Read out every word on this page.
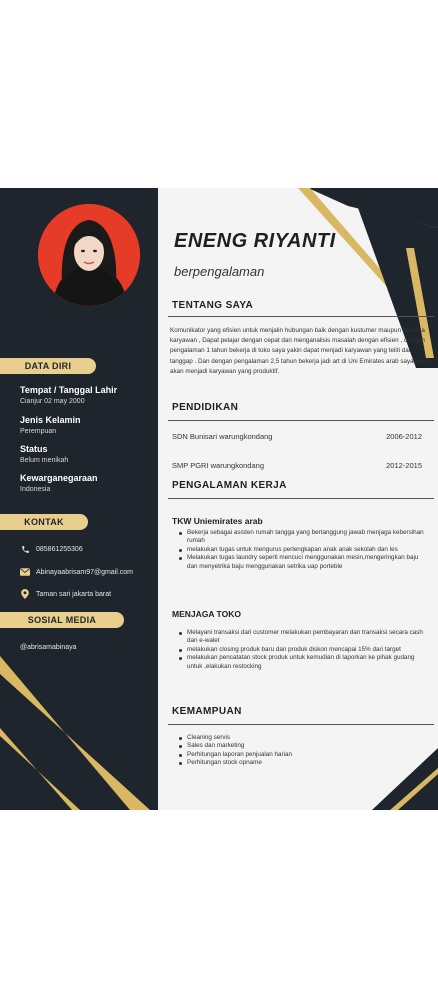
DATA DIRI
Tempat / Tanggal Lahir
Cianjur 02 may 2000
Jenis Kelamin
Perempuan
Status
Belum menikah
Kewarganegaraan
Indonesia
KONTAK
085861255306
Abinayaabrisam97@gmail.com
Taman sari jakarta barat
SOSIAL MEDIA
@abrisamabinaya
ENENG RIYANTI
berpengalaman
TENTANG SAYA
Komunikator yang efisien untuk menjalin hubungan baik dengan kustumer maupun sesama karyawan , Dapat pelajar dengan cepat dan menganalisis masalah dengan efisien , dengan pengalaman 1 tahun bekerja di toko saya yakin dapat menjadi karyawan yang teliti dan tanggap . Dan dengan pengalaman 2,5 tahun bekerja jadi art di Uni Emirates arab saya yakin akan menjadi karyawan yang produktif.
PENDIDIKAN
SDN Bunisari warungkondang	2006-2012
SMP PGRI warungkondang	2012-2015
PENGALAMAN KERJA
TKW Uniemirates arab
Bekerja sebagai asisten rumah tangga yang bertanggung jawab menjaga kebersihan rumah
melakukan tugas untuk mengurus perlengkapan anak anak sekolah dan les
Melakukan tugas laundry seperti mencuci menggunakan mesin,mengeringkan baju dan menyetrika baju menggunakan setrika uap porteble
MENJAGA TOKO
Melayani transaksi dari customer melakukan pembayaran dan transaksi secara cash dan e-walet
melakukan closing produk baru dan produk diskon mencapai 15% dari target
melakukan pencatatan stock produk untuk kemudian di laporkan ke pihak gudang untuk ,elakukan restocking
KEMAMPUAN
Cleaning servis
Sales dan marketing
Perhitungan laporan penjualan harian
Perhitungan stock opname
